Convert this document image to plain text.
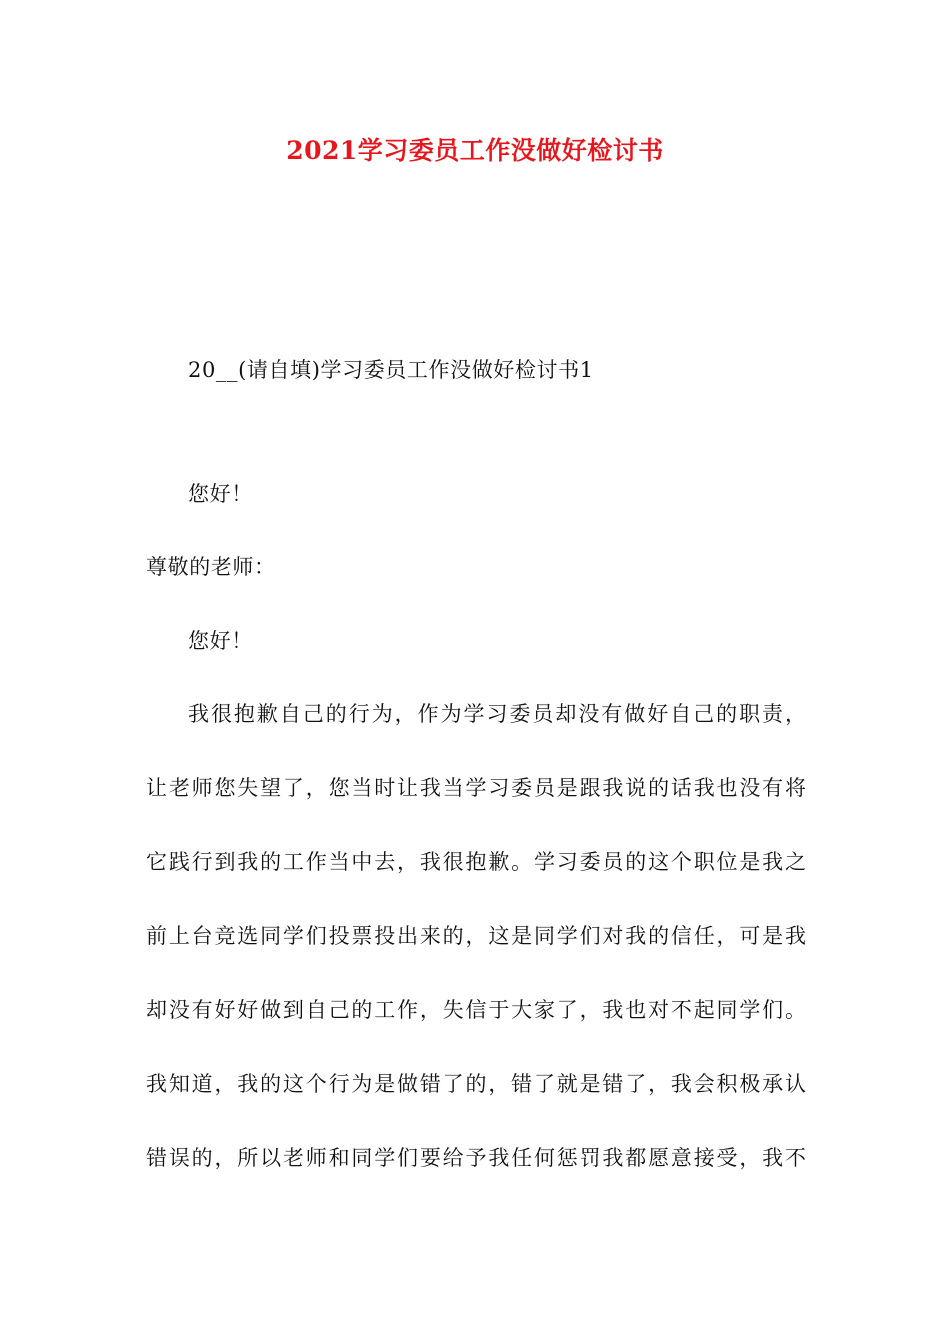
2021学习委员工作没做好检讨书
20__(请自填)学习委员工作没做好检讨书1
您好！
尊敬的老师：
您好！
我很抱歉自己的行为，作为学习委员却没有做好自己的职责，
让老师您失望了，您当时让我当学习委员是跟我说的话我也没有将
它践行到我的工作当中去，我很抱歉。学习委员的这个职位是我之
前上台竞选同学们投票投出来的，这是同学们对我的信任，可是我
却没有好好做到自己的工作，失信于大家了，我也对不起同学们。
我知道，我的这个行为是做错了的，错了就是错了，我会积极承认
错误的，所以老师和同学们要给予我任何惩罚我都愿意接受，我不
